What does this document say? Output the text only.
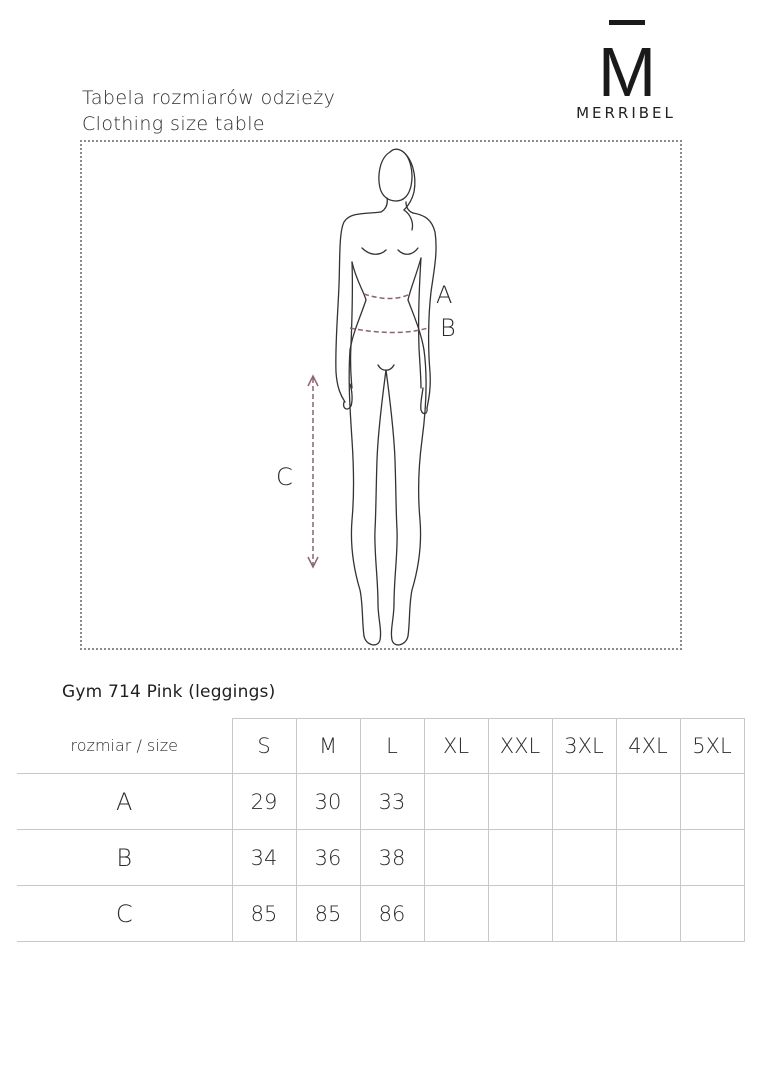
Tabela rozmiarów odzieży
Clothing size table
M
MERRIBEL
A
B
C
Gym 714 Pink (leggings)
rozmiar / size	S	M	L	XL	XXL	3XL	4XL	5XL
A	29	30	33					
B	34	36	38					
C	85	85	86					
